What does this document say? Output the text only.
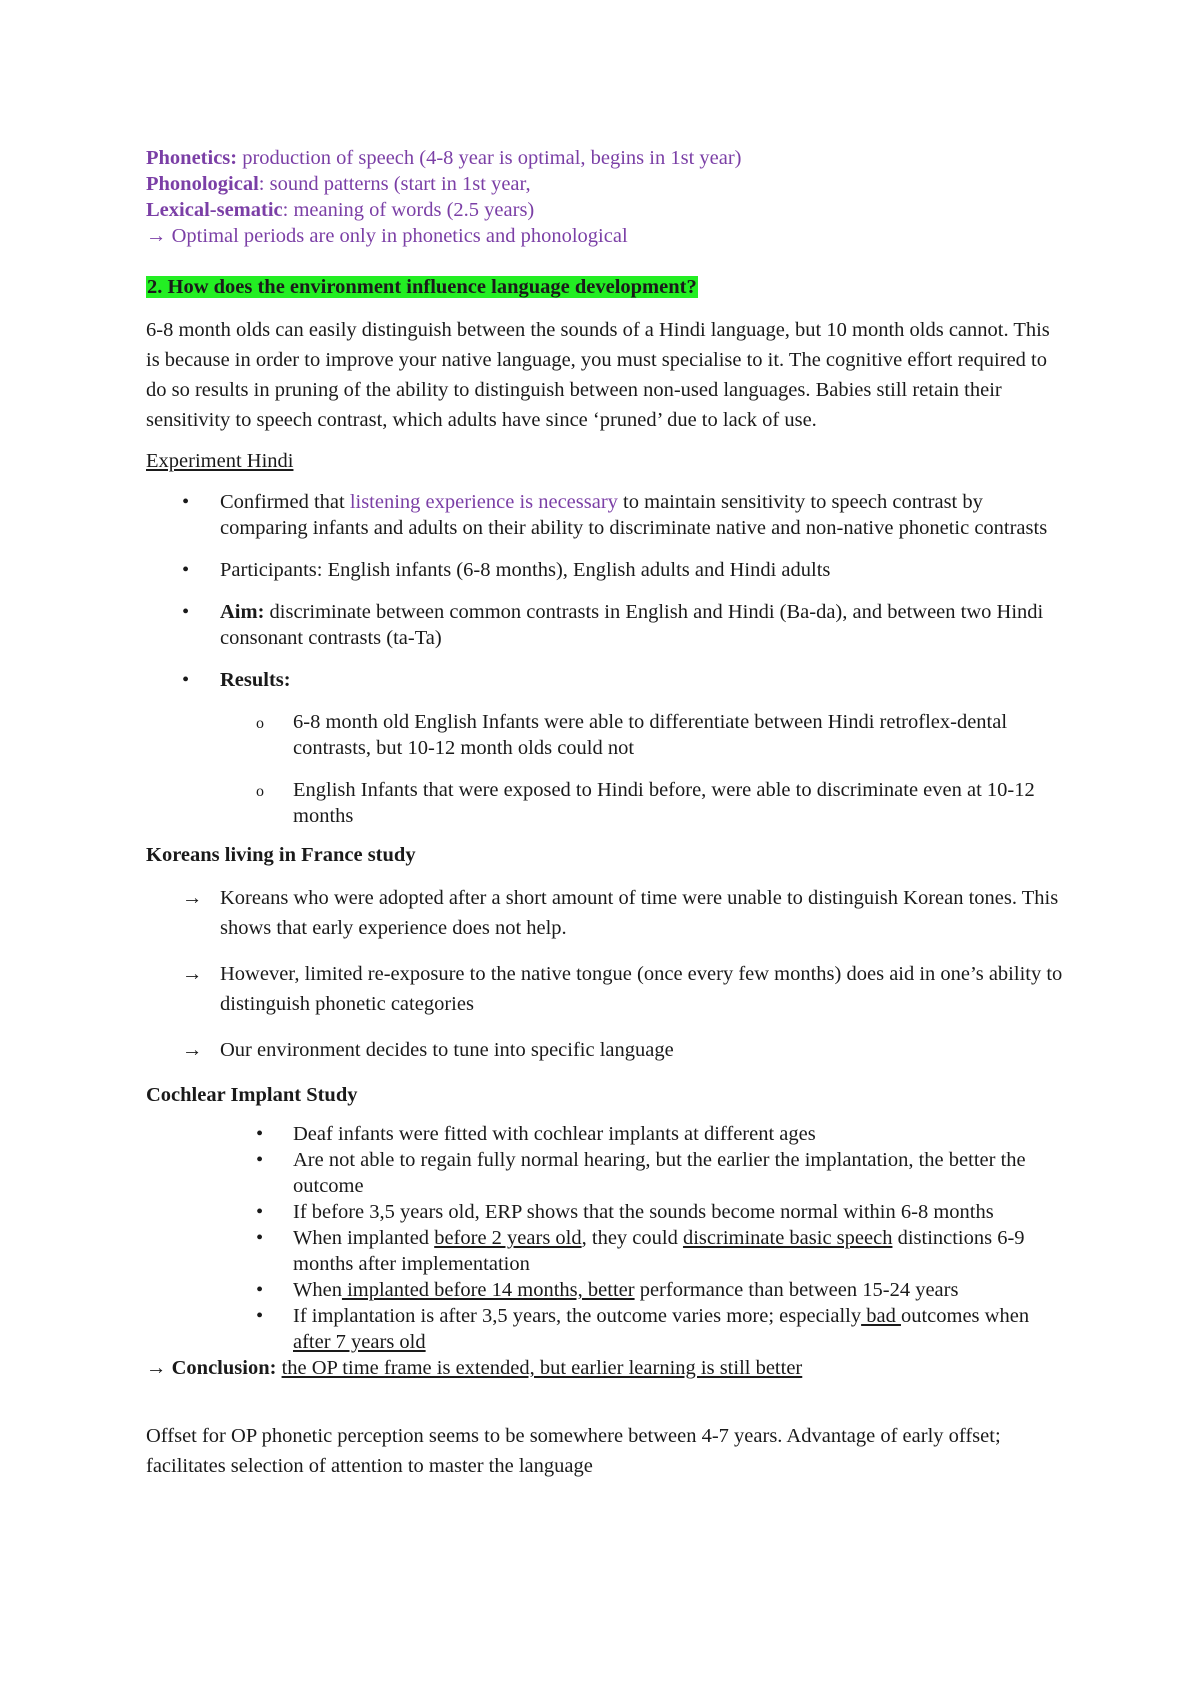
Phonetics: production of speech (4-8 year is optimal, begins in 1st year)

Phonological: sound patterns (start in 1st year,

Lexical-sematic: meaning of words (2.5 years)

→ Optimal periods are only in phonetics and phonological

2. How does the environment influence language development?

6-8 month olds can easily distinguish between the sounds of a Hindi language, but 10 month olds cannot. This is because in order to improve your native language, you must specialise to it. The cognitive effort required to do so results in pruning of the ability to distinguish between non-used languages. Babies still retain their sensitivity to speech contrast, which adults have since ‘pruned’ due to lack of use.

Experiment Hindi
• Confirmed that listening experience is necessary to maintain sensitivity to speech contrast by comparing infants and adults on their ability to discriminate native and non-native phonetic contrasts
• Participants: English infants (6-8 months), English adults and Hindi adults
• Aim: discriminate between common contrasts in English and Hindi (Ba-da), and between two Hindi consonant contrasts (ta-Ta)
• Results:
o 6-8 month old English Infants were able to differentiate between Hindi retroflex-dental contrasts, but 10-12 month olds could not
o English Infants that were exposed to Hindi before, were able to discriminate even at 10-12 months
Koreans living in France study
→ Koreans who were adopted after a short amount of time were unable to distinguish Korean tones. This shows that early experience does not help.
→ However, limited re-exposure to the native tongue (once every few months) does aid in one’s ability to distinguish phonetic categories
→ Our environment decides to tune into specific language
Cochlear Implant Study
• Deaf infants were fitted with cochlear implants at different ages
• Are not able to regain fully normal hearing, but the earlier the implantation, the better the outcome
• If before 3,5 years old, ERP shows that the sounds become normal within 6-8 months
• When implanted before 2 years old, they could discriminate basic speech distinctions 6-9 months after implementation
• When implanted before 14 months, better performance than between 15-24 years
• If implantation is after 3,5 years, the outcome varies more; especially bad outcomes when after 7 years old
→ Conclusion: the OP time frame is extended, but earlier learning is still better

Offset for OP phonetic perception seems to be somewhere between 4-7 years. Advantage of early offset; facilitates selection of attention to master the language
